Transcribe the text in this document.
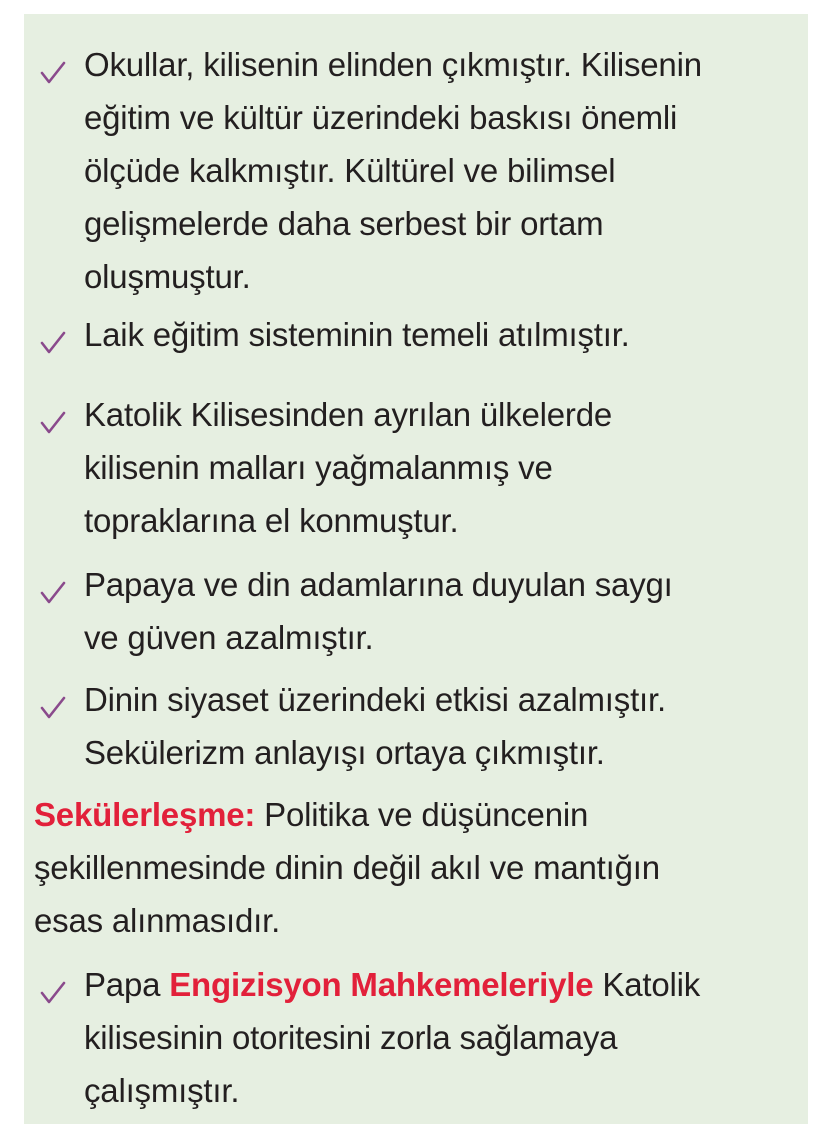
Okullar, kilisenin elinden çıkmıştır. Kilisenin
eğitim ve kültür üzerindeki baskısı önemli
ölçüde kalkmıştır. Kültürel ve bilimsel
gelişmelerde daha serbest bir ortam
oluşmuştur.
Laik eğitim sisteminin temeli atılmıştır.
Katolik Kilisesinden ayrılan ülkelerde
kilisenin malları yağmalanmış ve
topraklarına el konmuştur.
Papaya ve din adamlarına duyulan saygı
ve güven azalmıştır.
Dinin siyaset üzerindeki etkisi azalmıştır.
Sekülerizm anlayışı ortaya çıkmıştır.
Sekülerleşme: Politika ve düşüncenin
şekillenmesinde dinin değil akıl ve mantığın
esas alınmasıdır.
Papa Engizisyon Mahkemeleriyle Katolik
kilisesinin otoritesini zorla sağlamaya
çalışmıştır.
